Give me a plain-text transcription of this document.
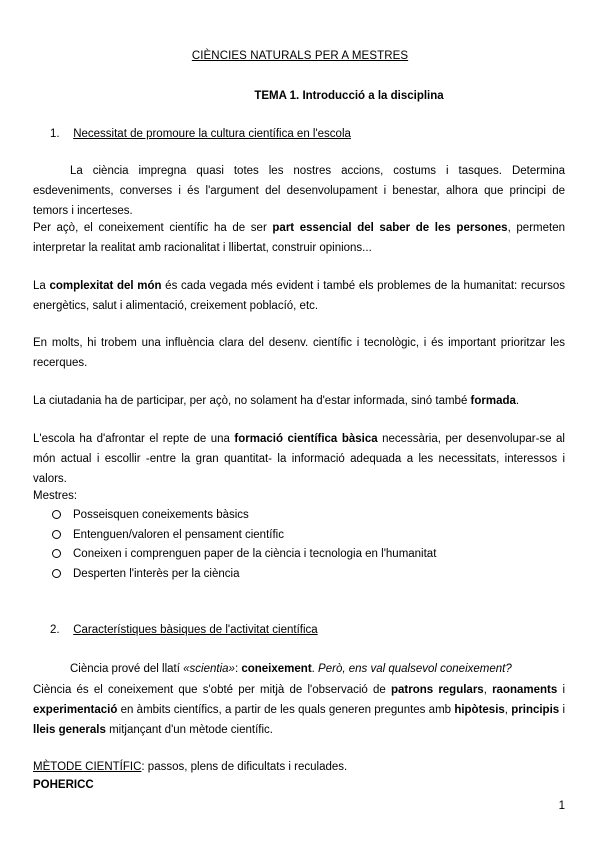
CIÈNCIES NATURALS PER A MESTRES
TEMA 1. Introducció a la disciplina
1. Necessitat de promoure la cultura científica en l'escola
La ciència impregna quasi totes les nostres accions, costums i tasques. Determina esdeveniments, converses i és l'argument del desenvolupament i benestar, alhora que principi de temors i incerteses.
Per açò, el coneixement científic ha de ser part essencial del saber de les persones, permeten interpretar la realitat amb racionalitat i llibertat, construir opinions...
La complexitat del món és cada vegada més evident i també els problemes de la humanitat: recursos energètics, salut i alimentació, creixement poblacíó, etc.
En molts, hi trobem una influència clara del desenv. científic i tecnològic, i és important prioritzar les recerques.
La ciutadania ha de participar, per açò, no solament ha d'estar informada, sinó també formada.
L'escola ha d'afrontar el repte de una formació científica bàsica necessària, per desenvolupar-se al món actual i escollir -entre la gran quantitat- la informació adequada a les necessitats, interessos i valors.
Mestres:
Posseisquen coneixements bàsics
Entenguen/valoren el pensament científic
Coneixen i comprenguen paper de la ciència i tecnologia en l'humanitat
Desperten l'interès per la ciència
2. Característiques bàsiques de l'activitat científica
Ciència prové del llatí «scientia»: coneixement. Però, ens val qualsevol coneixement?
Ciència és el coneixement que s'obté per mitjà de l'observació de patrons regulars, raonaments i experimentació en àmbits científics, a partir de les quals generen preguntes amb hipòtesis, principis i lleis generals mitjançant d'un mètode científic.
MÈTODE CIENTÍFIC: passos, plens de dificultats i reculades.
POHERICC
1
